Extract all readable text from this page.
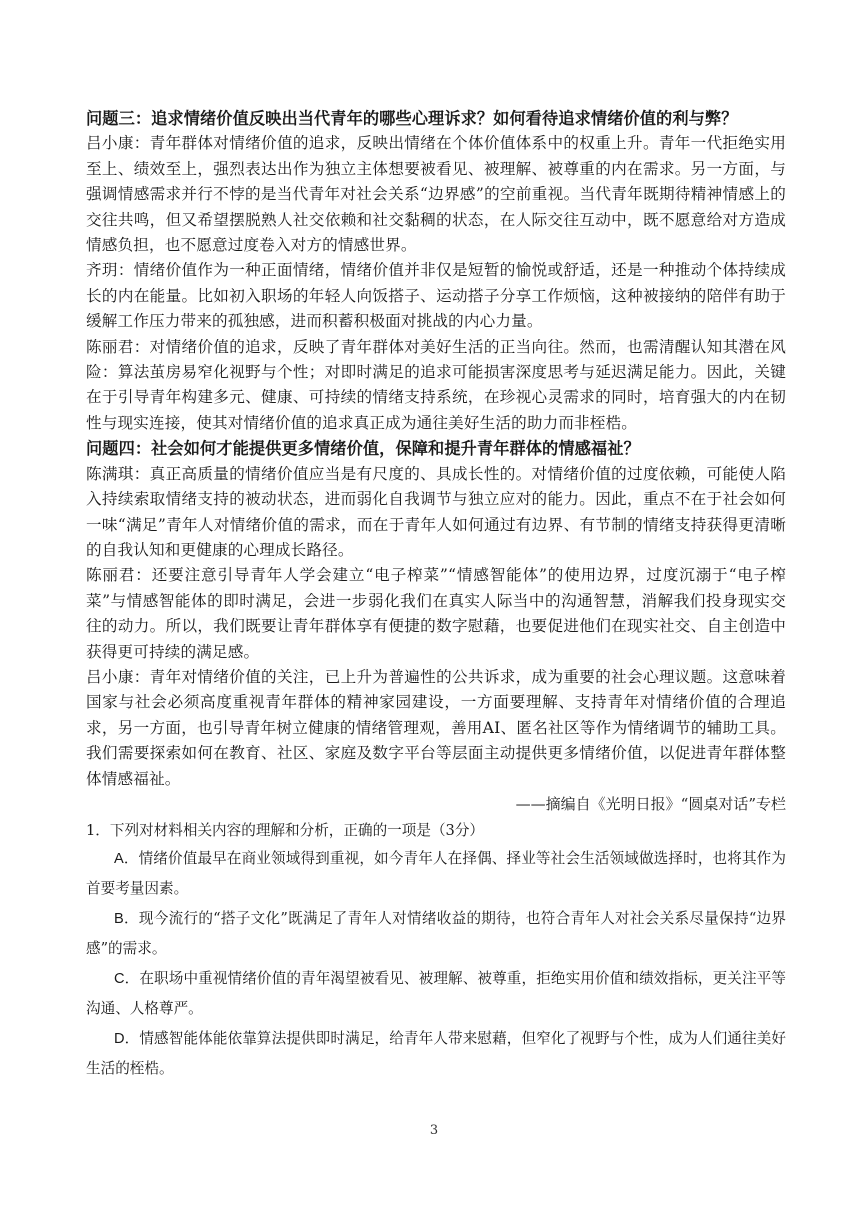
问题三：追求情绪价值反映出当代青年的哪些心理诉求？如何看待追求情绪价值的利与弊？

吕小康：青年群体对情绪价值的追求，反映出情绪在个体价值体系中的权重上升。青年一代拒绝实用至上、绩效至上，强烈表达出作为独立主体想要被看见、被理解、被尊重的内在需求。另一方面，与强调情感需求并行不悖的是当代青年对社会关系“边界感”的空前重视。当代青年既期待精神情感上的交往共鸣，但又希望摆脱熟人社交依赖和社交黏稠的状态，在人际交往互动中，既不愿意给对方造成情感负担，也不愿意过度卷入对方的情感世界。

齐玥：情绪价值作为一种正面情绪，情绪价值并非仅是短暂的愉悦或舒适，还是一种推动个体持续成长的内在能量。比如初入职场的年轻人向饭搭子、运动搭子分享工作烦恼，这种被接纳的陪伴有助于缓解工作压力带来的孤独感，进而积蓄积极面对挑战的内心力量。

陈丽君：对情绪价值的追求，反映了青年群体对美好生活的正当向往。然而，也需清醒认知其潜在风险：算法茧房易窄化视野与个性；对即时满足的追求可能损害深度思考与延迟满足能力。因此，关键在于引导青年构建多元、健康、可持续的情绪支持系统，在珍视心灵需求的同时，培育强大的内在韧性与现实连接，使其对情绪价值的追求真正成为通往美好生活的助力而非桎梏。

问题四：社会如何才能提供更多情绪价值，保障和提升青年群体的情感福祉？

陈满琪：真正高质量的情绪价值应当是有尺度的、具成长性的。对情绪价值的过度依赖，可能使人陷入持续索取情绪支持的被动状态，进而弱化自我调节与独立应对的能力。因此，重点不在于社会如何一味“满足”青年人对情绪价值的需求，而在于青年人如何通过有边界、有节制的情绪支持获得更清晰的自我认知和更健康的心理成长路径。

陈丽君：还要注意引导青年人学会建立“电子榨菜”“情感智能体”的使用边界，过度沉溺于“电子榨菜”与情感智能体的即时满足，会进一步弱化我们在真实人际当中的沟通智慧，消解我们投身现实交往的动力。所以，我们既要让青年群体享有便捷的数字慰藉，也要促进他们在现实社交、自主创造中获得更可持续的满足感。

吕小康：青年对情绪价值的关注，已上升为普遍性的公共诉求，成为重要的社会心理议题。这意味着国家与社会必须高度重视青年群体的精神家园建设，一方面要理解、支持青年对情绪价值的合理追求，另一方面，也引导青年树立健康的情绪管理观，善用AI、匿名社区等作为情绪调节的辅助工具。我们需要探索如何在教育、社区、家庭及数字平台等层面主动提供更多情绪价值，以促进青年群体整体情感福祉。

——摘编自《光明日报》“圆桌对话”专栏

1．下列对材料相关内容的理解和分析，正确的一项是（3分）

A．情绪价值最早在商业领域得到重视，如今青年人在择偶、择业等社会生活领域做选择时，也将其作为首要考量因素。

B．现今流行的“搭子文化”既满足了青年人对情绪收益的期待，也符合青年人对社会关系尽量保持“边界感”的需求。

C．在职场中重视情绪价值的青年渴望被看见、被理解、被尊重，拒绝实用价值和绩效指标，更关注平等沟通、人格尊严。

D．情感智能体能依靠算法提供即时满足，给青年人带来慰藉，但窄化了视野与个性，成为人们通往美好生活的桎梏。

3
